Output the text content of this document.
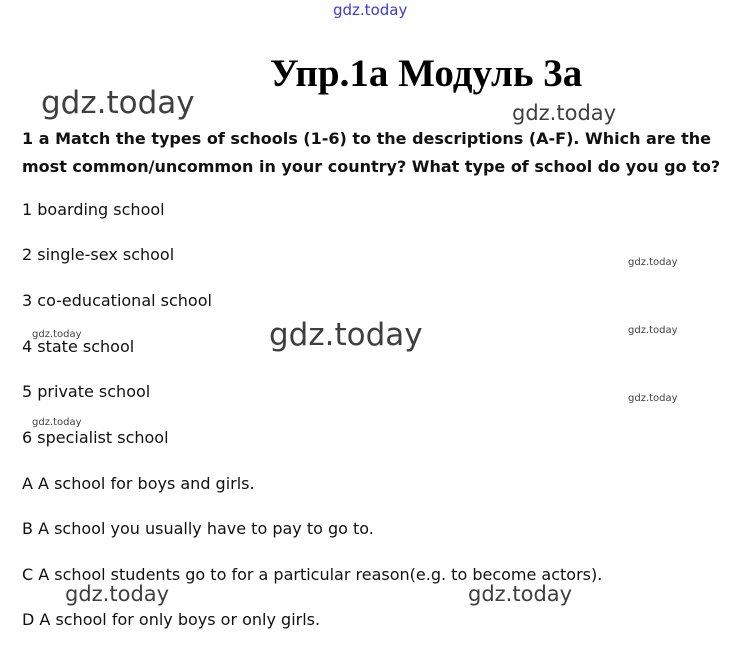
gdz.today
gdz.today	gdz.today
gdz.today
gdz.today
gdz.today
gdz.today
gdz.today
gdz.today
gdz.today	gdz.today
Упр.1a Модуль 3a
1 a Match the types of schools (1-6) to the descriptions (A-F). Which are the most common/uncommon in your country? What type of school do you go to?
1 boarding school
2 single-sex school
3 co-educational school
4 state school
5 private school
6 specialist school
A A school for boys and girls.
B A school you usually have to pay to go to.
C A school students go to for a particular reason(e.g. to become actors).
D A school for only boys or only girls.
